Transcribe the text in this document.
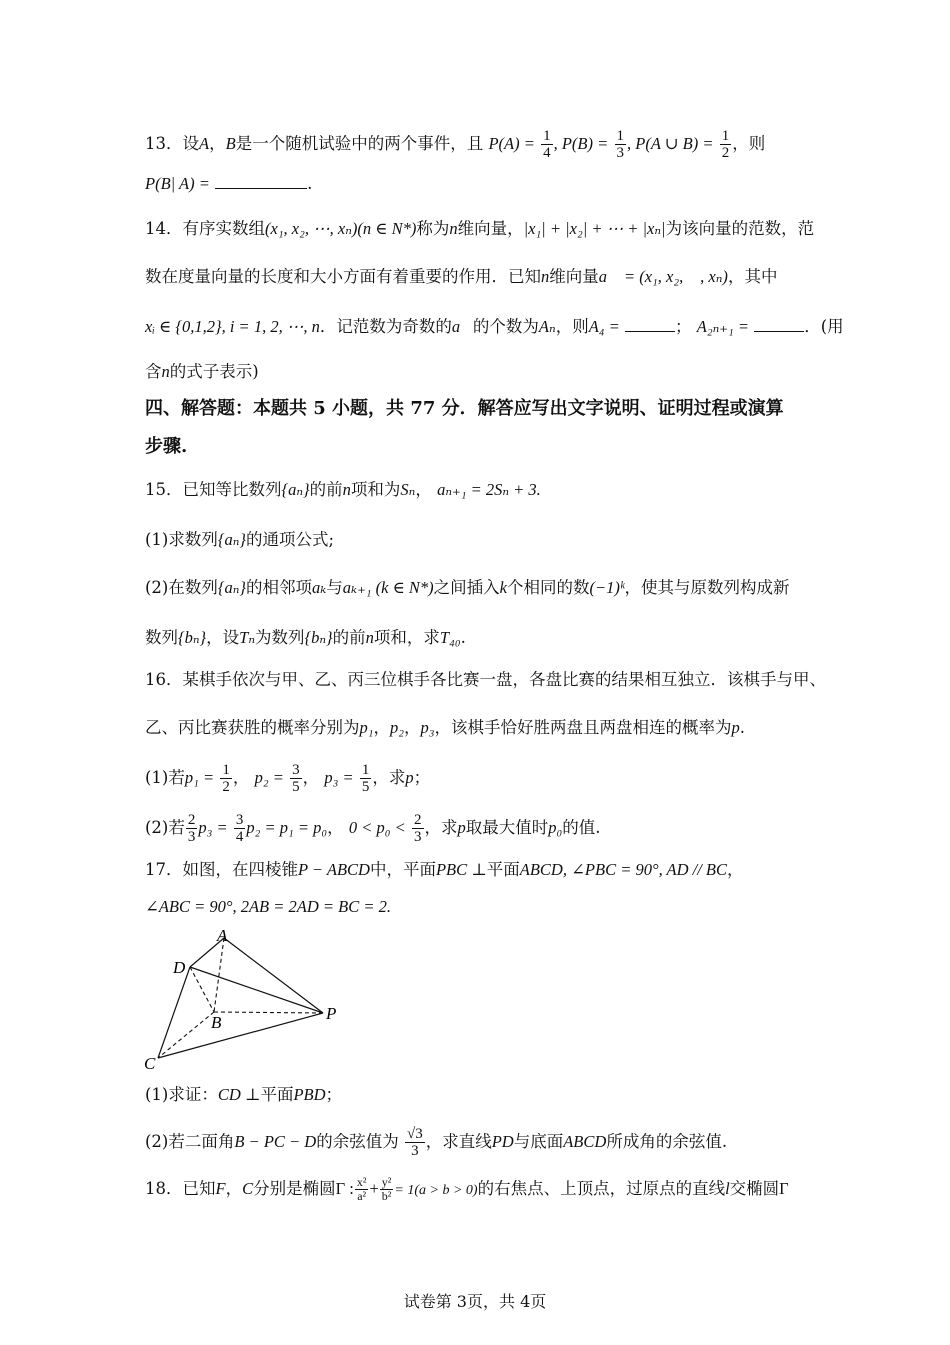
13．设A，B是一个随机试验中的两个事件，且 $P(A) = \frac{1}{4}$ , $P(B) = \frac{1}{3}$ , P(A ∪ $B) = \frac{1}{2}$ ，则
P(B| A) =	.
14．有序实数组(x₁, x₂, ⋯, xₙ)(n ∈ N*)称为n维向量，|x₁| + |x₂| + ⋯ + |xₙ|为该向量的范数，范
数在度量向量的长度和大小方面有着重要的作用．已知n维向量a⃗ = (x₁, x₂, ⋯, xₙ)，其中
xᵢ ∈ {0,1,2}, i = 1, 2, ⋯, n．记范数为奇数的a⃗的个数为Aₙ，则A₄ =	； A₂ₙ₊₁ =	．(用
含n的式子表示)
四、解答题：本题共 5 小题，共 77 分．解答应写出文字说明、证明过程或演算
步骤.
15．已知等比数列{aₙ}的前n项和为Sₙ， aₙ₊₁ = 2Sₙ + 3.
(1)求数列{aₙ}的通项公式;
(2)在数列{aₙ}的相邻项aₖ与aₖ₊₁ (k ∈ N*)之间插入k个相同的数(−1)ᵏ，使其与原数列构成新
数列{bₙ}，设Tₙ为数列{bₙ}的前n项和，求T₄₀.
16．某棋手依次与甲、乙、丙三位棋手各比赛一盘，各盘比赛的结果相互独立．该棋手与甲、
乙、丙比赛获胜的概率分别为p₁，p₂，p₃，该棋手恰好胜两盘且两盘相连的概率为p.
(1)若$p_1 = \frac{1}{2}$ ， $p_2 = \frac{3}{5}$ ， $p_3 = \frac{1}{5}$ ，求p；
(2)若 $\frac{2}{3} p_3 = \frac{3}{4} p_2 = p_1 = p_0$， $0 < p_0 < \frac{2}{3}$ ，求p取最大值时p₀的值.
17．如图，在四棱锥P − ABCD中，平面PBC ⊥平面ABCD, ∠PBC = 90°, AD // BC，
∠ABC = 90°, 2AB = 2AD = BC = 2.
A
D
B
C
P
(1)求证：CD ⊥平面PBD；
(2)若二面角B − PC − D的余弦值为 $\frac{√3}{3}$ ，求直线PD与底面ABCD所成角的余弦值.
18．已知F，C分别是椭圆Γ : $\frac{\text{x²}}{\text{a²}} + \frac{\text{y²}}{\text{b²}} = 1(a > b > 0)$的右焦点、上顶点，过原点的直线l交椭圆Γ
试卷第 3页，共 4页
